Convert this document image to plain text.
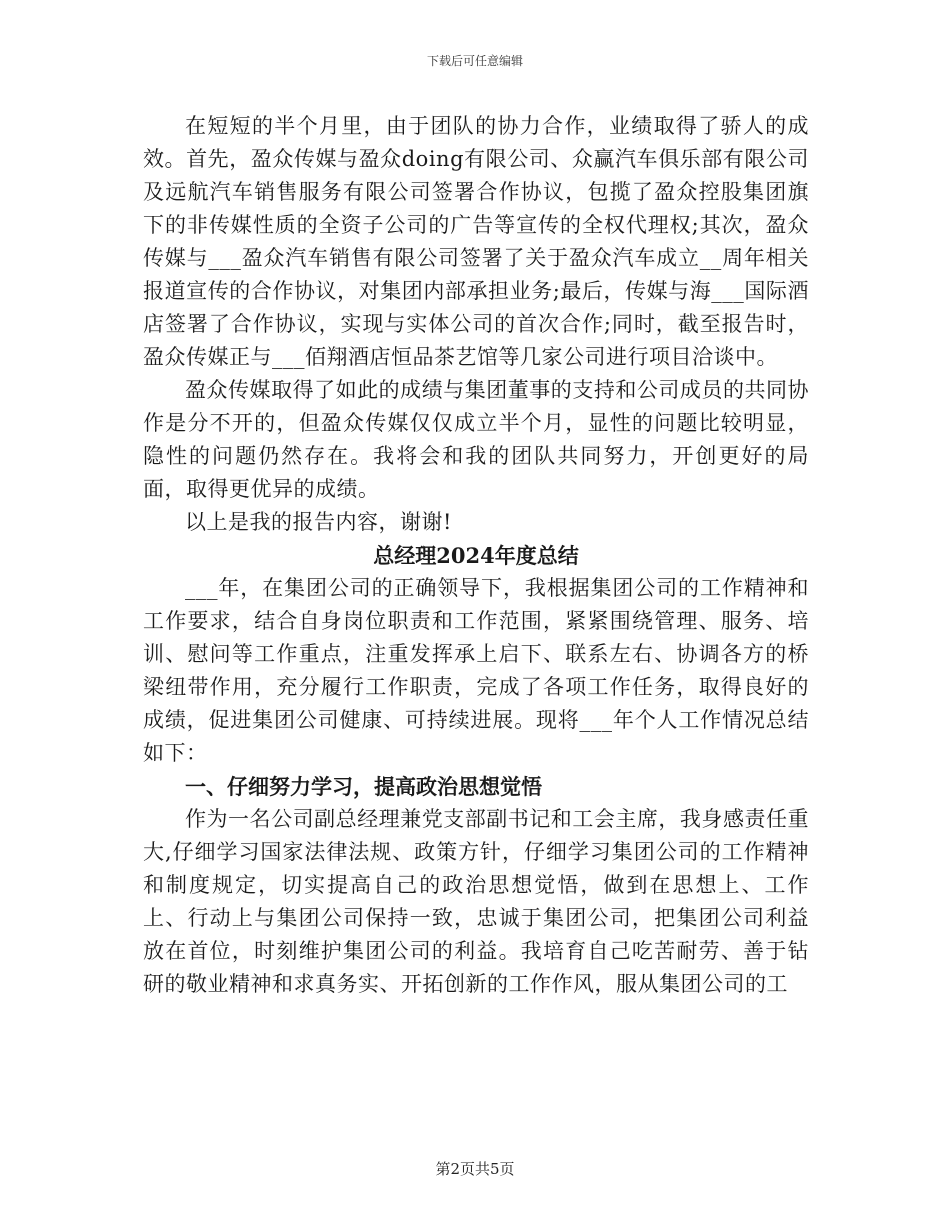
下载后可任意编辑

在短短的半个月里，由于团队的协力合作，业绩取得了骄人的成效。首先，盈众传媒与盈众doing有限公司、众赢汽车俱乐部有限公司及远航汽车销售服务有限公司签署合作协议，包揽了盈众控股集团旗下的非传媒性质的全资子公司的广告等宣传的全权代理权;其次，盈众传媒与___盈众汽车销售有限公司签署了关于盈众汽车成立__周年相关报道宣传的合作协议，对集团内部承担业务;最后，传媒与海___国际酒店签署了合作协议，实现与实体公司的首次合作;同时，截至报告时，盈众传媒正与___佰翔酒店恒品茶艺馆等几家公司进行项目洽谈中。

盈众传媒取得了如此的成绩与集团董事的支持和公司成员的共同协作是分不开的，但盈众传媒仅仅成立半个月，显性的问题比较明显，隐性的问题仍然存在。我将会和我的团队共同努力，开创更好的局面，取得更优异的成绩。

以上是我的报告内容，谢谢!

总经理2024年度总结

___年，在集团公司的正确领导下，我根据集团公司的工作精神和工作要求，结合自身岗位职责和工作范围，紧紧围绕管理、服务、培训、慰问等工作重点，注重发挥承上启下、联系左右、协调各方的桥梁纽带作用，充分履行工作职责，完成了各项工作任务，取得良好的成绩，促进集团公司健康、可持续进展。现将___年个人工作情况总结如下：

一、仔细努力学习，提高政治思想觉悟

作为一名公司副总经理兼党支部副书记和工会主席，我身感责任重大,仔细学习国家法律法规、政策方针，仔细学习集团公司的工作精神和制度规定，切实提高自己的政治思想觉悟，做到在思想上、工作上、行动上与集团公司保持一致，忠诚于集团公司，把集团公司利益放在首位，时刻维护集团公司的利益。我培育自己吃苦耐劳、善于钻研的敬业精神和求真务实、开拓创新的工作作风，服从集团公司的工

第2页共5页
